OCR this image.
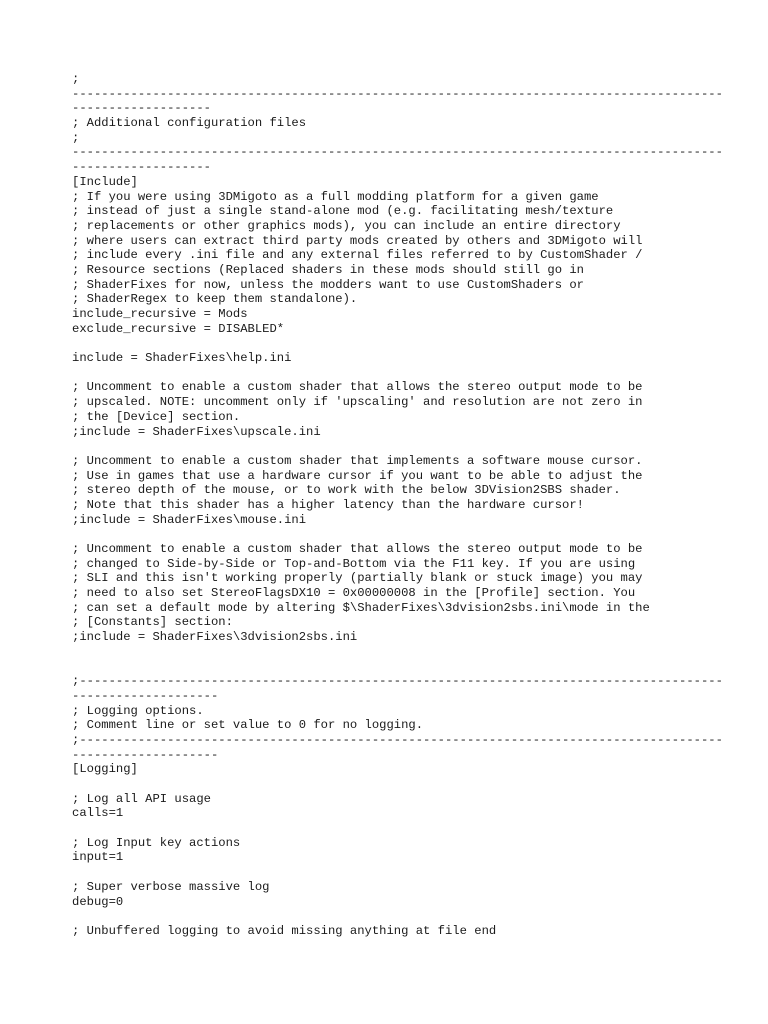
;
-----------------------------------------------------------------------------------------
-------------------
; Additional configuration files
;
-----------------------------------------------------------------------------------------
-------------------
[Include]
; If you were using 3DMigoto as a full modding platform for a given game
; instead of just a single stand-alone mod (e.g. facilitating mesh/texture
; replacements or other graphics mods), you can include an entire directory
; where users can extract third party mods created by others and 3DMigoto will
; include every .ini file and any external files referred to by CustomShader /
; Resource sections (Replaced shaders in these mods should still go in
; ShaderFixes for now, unless the modders want to use CustomShaders or
; ShaderRegex to keep them standalone).
include_recursive = Mods
exclude_recursive = DISABLED*
include = ShaderFixes\help.ini
; Uncomment to enable a custom shader that allows the stereo output mode to be
; upscaled. NOTE: uncomment only if 'upscaling' and resolution are not zero in
; the [Device] section.
;include = ShaderFixes\upscale.ini
; Uncomment to enable a custom shader that implements a software mouse cursor.
; Use in games that use a hardware cursor if you want to be able to adjust the
; stereo depth of the mouse, or to work with the below 3DVision2SBS shader.
; Note that this shader has a higher latency than the hardware cursor!
;include = ShaderFixes\mouse.ini
; Uncomment to enable a custom shader that allows the stereo output mode to be
; changed to Side-by-Side or Top-and-Bottom via the F11 key. If you are using
; SLI and this isn't working properly (partially blank or stuck image) you may
; need to also set StereoFlagsDX10 = 0x00000008 in the [Profile] section. You
; can set a default mode by altering $\ShaderFixes\3dvision2sbs.ini\mode in the
; [Constants] section:
;include = ShaderFixes\3dvision2sbs.ini
;----------------------------------------------------------------------------------------
--------------------
; Logging options.
; Comment line or set value to 0 for no logging.
;----------------------------------------------------------------------------------------
--------------------
[Logging]
; Log all API usage
calls=1
; Log Input key actions
input=1
; Super verbose massive log
debug=0
; Unbuffered logging to avoid missing anything at file end
